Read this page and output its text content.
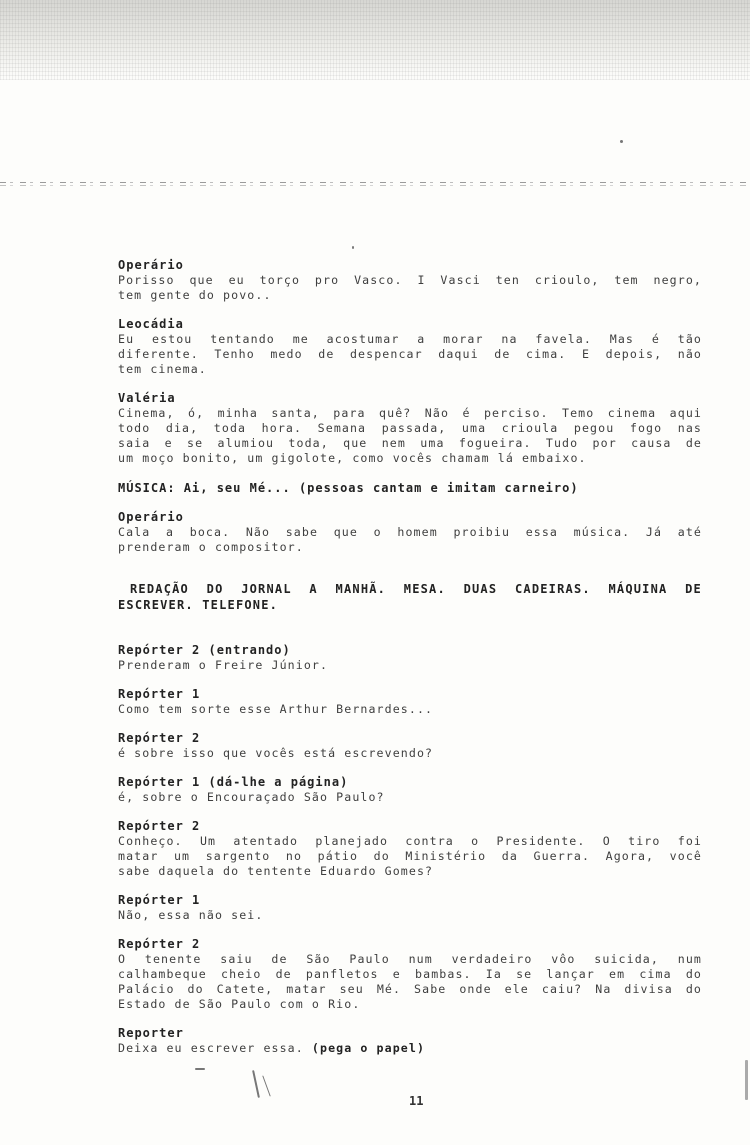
Operário
Porisso que eu torço pro Vasco. I Vasci ten crioulo, tem negro,
tem gente do povo..
Leocádia
Eu estou tentando me acostumar a morar na favela. Mas é tão
diferente. Tenho medo de despencar daqui de cima. E depois, não
tem cinema.
Valéria
Cinema, ó, minha santa, para quê? Não é perciso. Temo cinema aqui
todo dia, toda hora. Semana passada, uma crioula pegou fogo nas
saia e se alumiou toda, que nem uma fogueira. Tudo por causa de
um moço bonito, um gigolote, como vocês chamam lá embaixo.
MÚSICA: Ai, seu Mé... (pessoas cantam e imitam carneiro)
Operário
Cala a boca. Não sabe que o homem proibiu essa música. Já até
prenderam o compositor.
REDAÇÃO DO JORNAL A MANHÃ. MESA. DUAS CADEIRAS. MÁQUINA DE
ESCREVER. TELEFONE.
Repórter 2 (entrando)
Prenderam o Freire Júnior.
Repórter 1
Como tem sorte esse Arthur Bernardes...
Repórter 2
é sobre isso que vocês está escrevendo?
Repórter 1 (dá-lhe a página)
é, sobre o Encouraçado São Paulo?
Repórter 2
Conheço. Um atentado planejado contra o Presidente. O tiro foi
matar um sargento no pátio do Ministério da Guerra. Agora, você
sabe daquela do tentente Eduardo Gomes?
Repórter 1
Não, essa não sei.
Repórter 2
O tenente saiu de São Paulo num verdadeiro vôo suicida, num
calhambeque cheio de panfletos e bambas. Ia se lançar em cima do
Palácio do Catete, matar seu Mé. Sabe onde ele caiu? Na divisa do
Estado de São Paulo com o Rio.
Reporter
Deixa eu escrever essa. (pega o papel)
11
